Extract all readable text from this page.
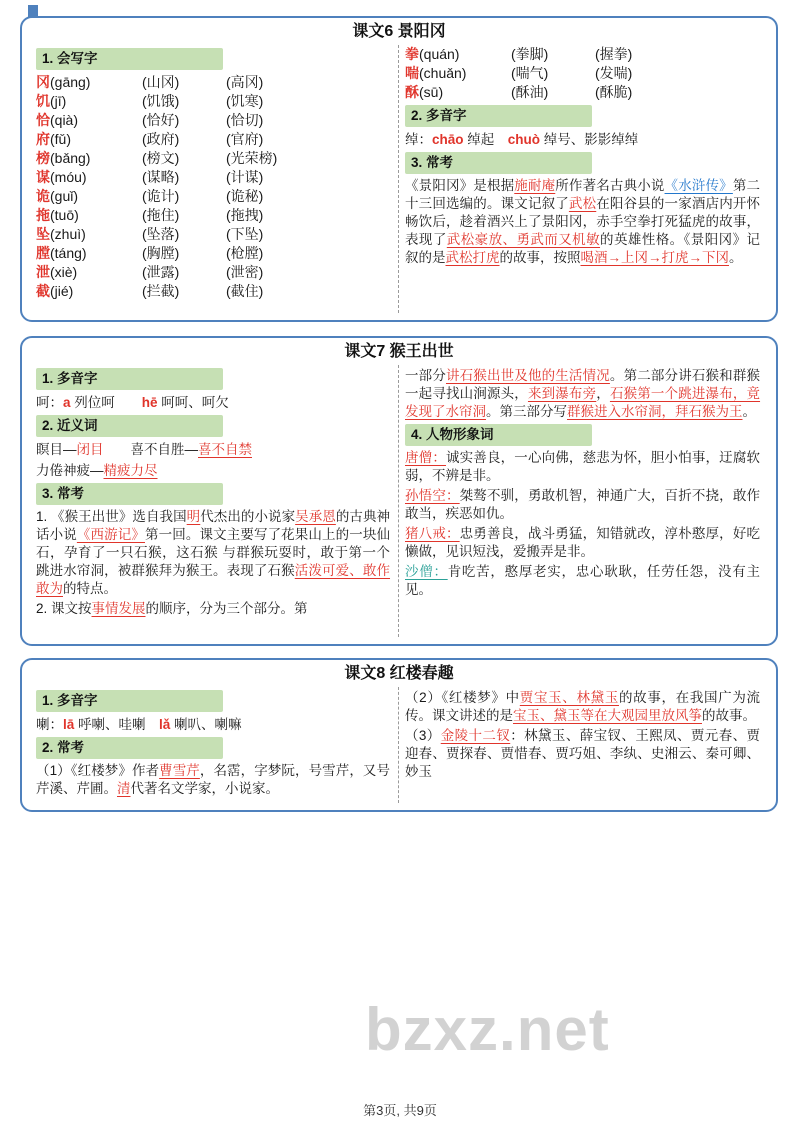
课文6 景阳冈
1. 会写字
冈(gāng)	(山冈)	(高冈)
饥(jī)	(饥饿)	(饥寒)
恰(qià)	(恰好)	(恰切)
府(fǔ)	(政府)	(官府)
榜(bǎng)	(榜文)	(光荣榜)
谋(móu)	(谋略)	(计谋)
诡(guǐ)	(诡计)	(诡秘)
拖(tuō)	(拖住)	(拖拽)
坠(zhuì)	(坠落)	(下坠)
膛(táng)	(胸膛)	(枪膛)
泄(xiè)	(泄露)	(泄密)
截(jié)	(拦截)	(截住)
拳(quán)	(拳脚)	(握拳)
喘(chuǎn)	(喘气)	(发喘)
酥(sū)	(酥油)	(酥脆)
2. 多音字

绰：chāo 绰起　chuò 绰号、影影绰绰

3. 常考

《景阳冈》是根据施耐庵所作著名古典小说《水浒传》第二十三回选编的。课文记叙了武松在阳谷县的一家酒店内开怀畅饮后，趁着酒兴上了景阳冈，赤手空拳打死猛虎的故事，表现了武松豪放、勇武而又机敏的英雄性格。《景阳冈》记叙的是武松打虎的故事，按照喝酒→上冈→打虎→下冈。

课文7 猴王出世
1. 多音字

呵：a 列位呵　　hē 呵呵、呵欠

2. 近义词

瞑目—闭目　　喜不自胜—喜不自禁

力倦神疲—精疲力尽

3. 常考

1. 《猴王出世》选自我国明代杰出的小说家吴承恩的古典神话小说《西游记》第一回。课文主要写了花果山上的一块仙石，孕育了一只石猴，这石猴 与群猴玩耍时，敢于第一个跳进水帘洞，被群猴拜为猴王。表现了石猴活泼可爱、敢作敢为的特点。

2. 课文按事情发展的顺序，分为三个部分。第

一部分讲石猴出世及他的生活情况。第二部分讲石猴和群猴一起寻找山涧源头，来到瀑布旁，石猴第一个跳进瀑布，竟发现了水帘洞。第三部分写群猴进入水帘洞，拜石猴为王。

4. 人物形象词

唐僧：诚实善良，一心向佛，慈悲为怀，胆小怕事，迂腐软弱，不辨是非。

孙悟空：桀骜不驯，勇敢机智，神通广大，百折不挠，敢作敢当，疾恶如仇。

猪八戒：忠勇善良，战斗勇猛，知错就改，淳朴憨厚，好吃懒做，见识短浅，爱搬弄是非。

沙僧：肯吃苦，憨厚老实，忠心耿耿，任劳任怨，没有主见。

课文8 红楼春趣
1. 多音字

喇：lā 呼喇、哇喇　lǎ 喇叭、喇嘛

2. 常考

（1）《红楼梦》作者曹雪芹，名霑，字梦阮，号雪芹，又号芹溪、芹圃。清代著名文学家，小说家。

（2）《红楼梦》中贾宝玉、林黛玉的故事，在我国广为流传。课文讲述的是宝玉、黛玉等在大观园里放风筝的故事。

（3）金陵十二钗：林黛玉、薛宝钗、王熙凤、贾元春、贾迎春、贾探春、贾惜春、贾巧姐、李纨、史湘云、秦可卿、妙玉

bzxz.net
第3页, 共9页
